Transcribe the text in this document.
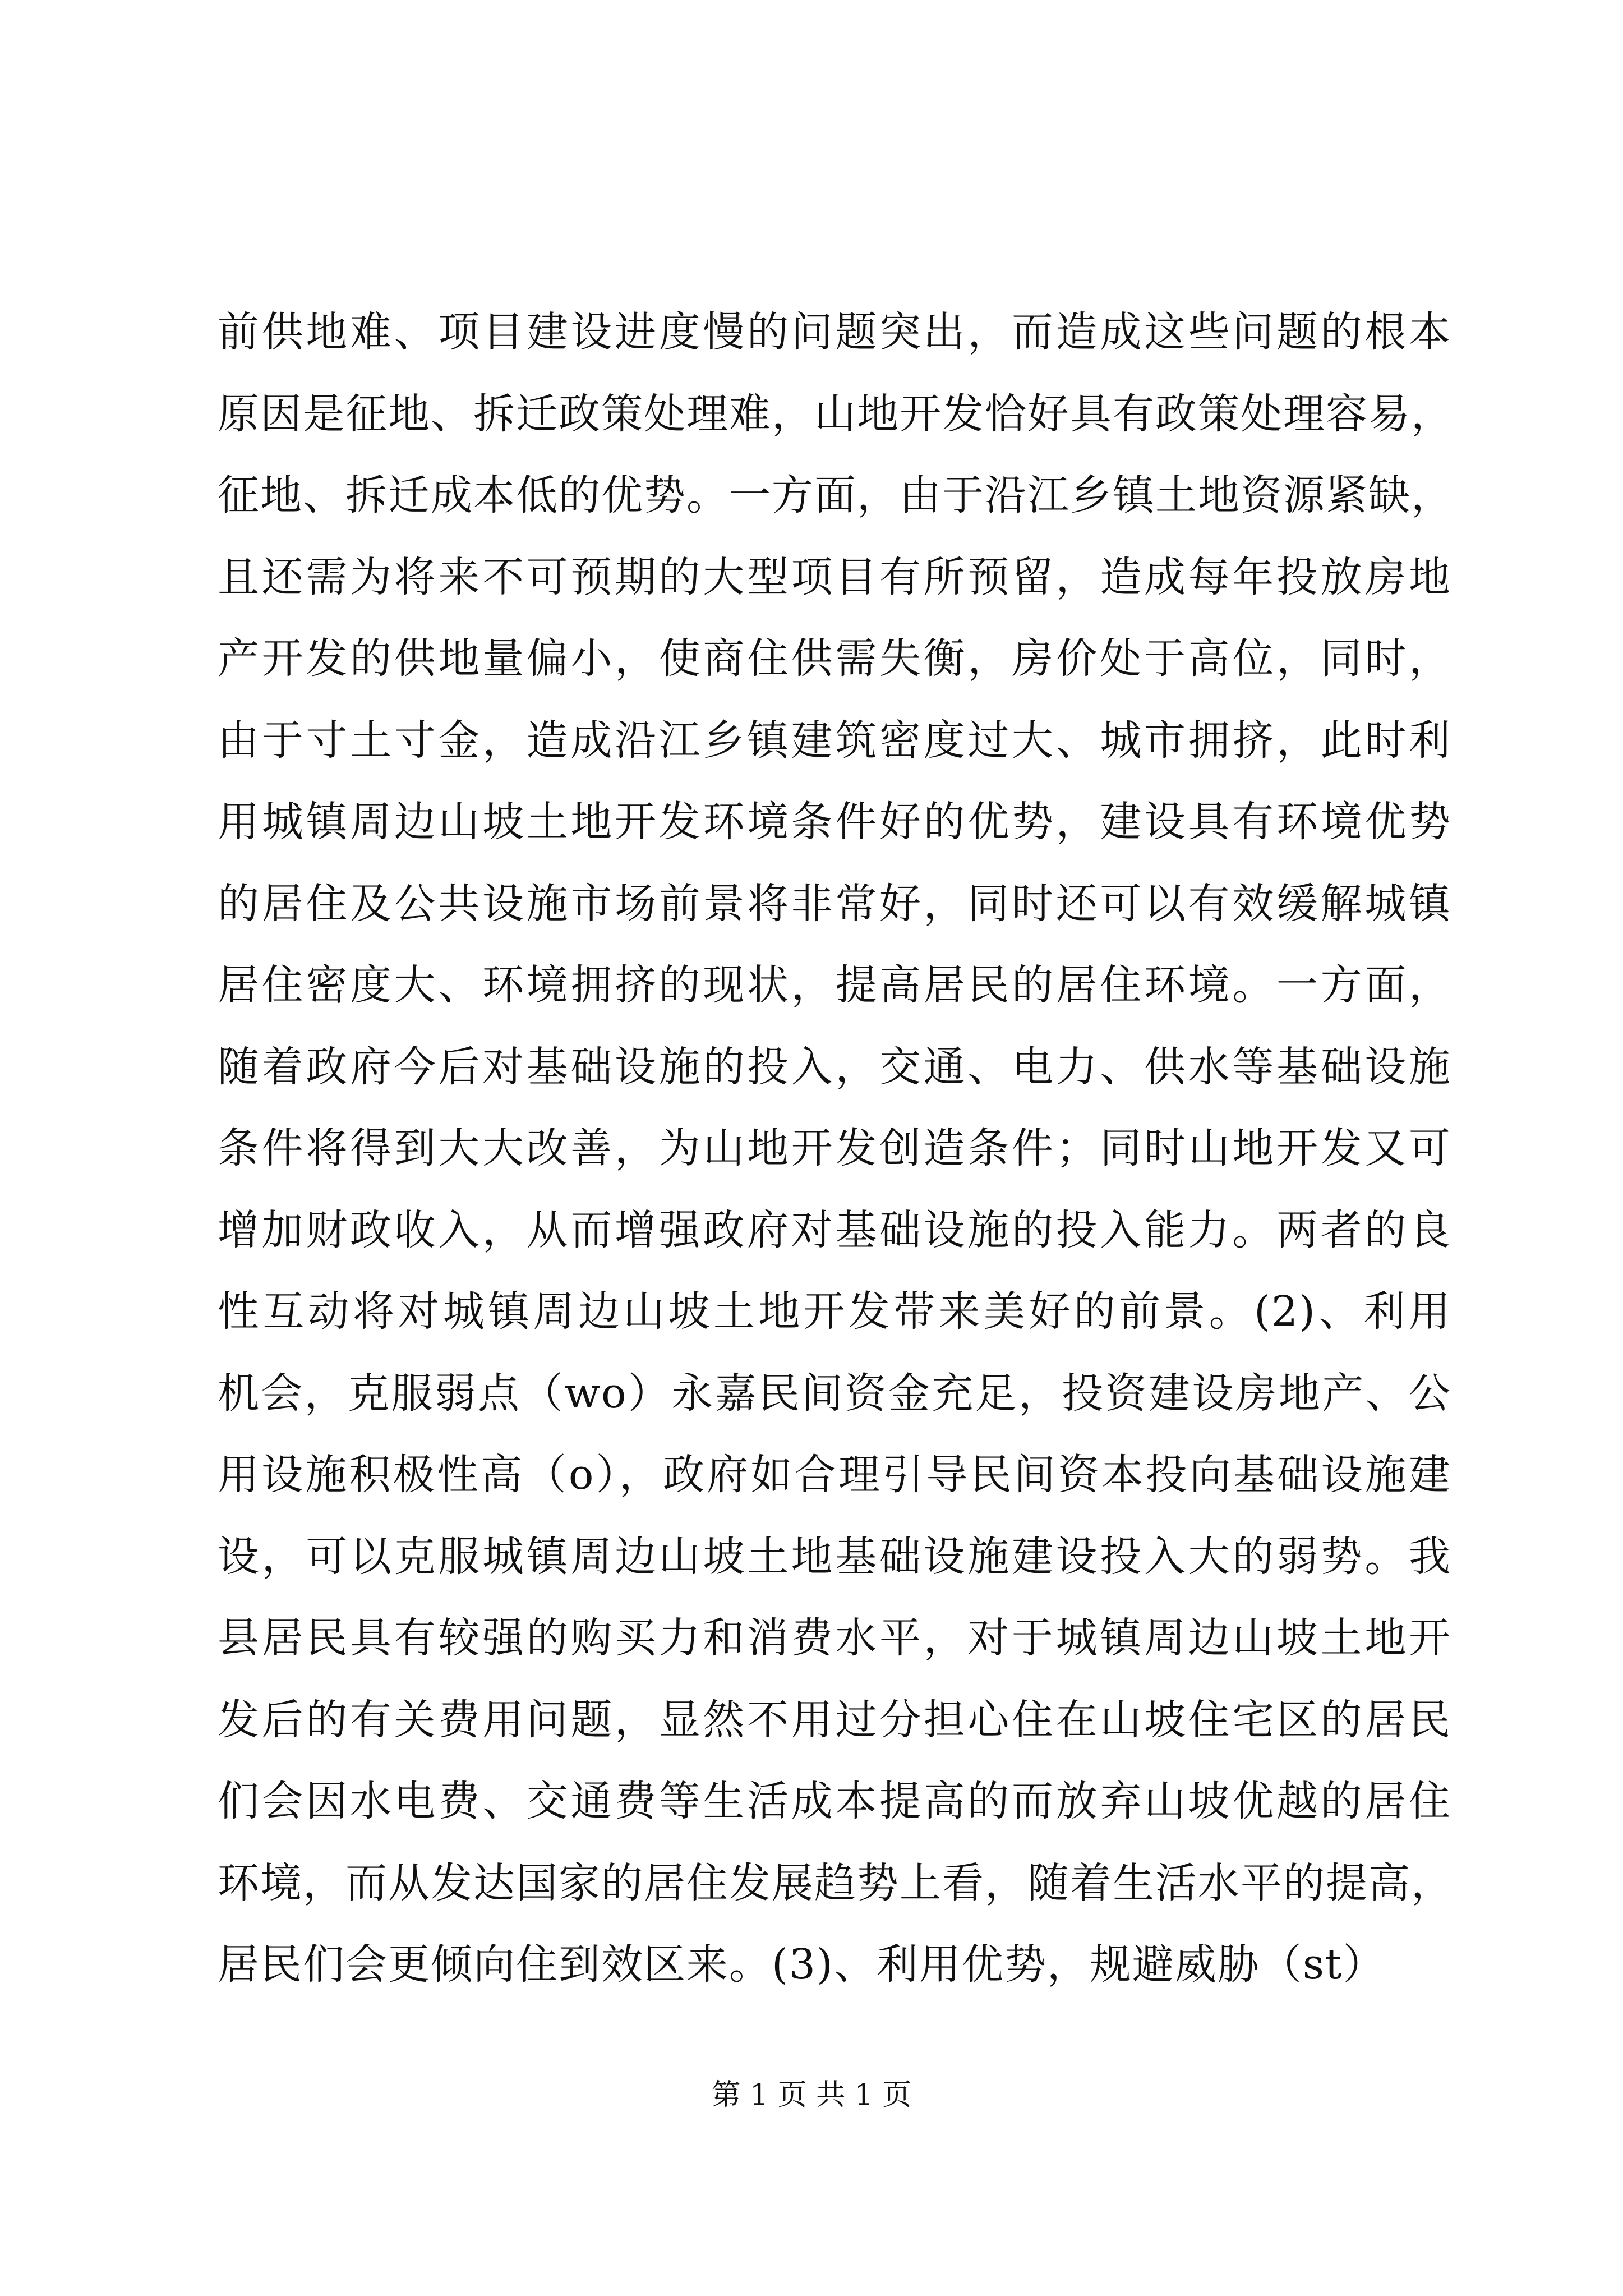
前供地难、项目建设进度慢的问题突出，而造成这些问题的根本
原因是征地、拆迁政策处理难，山地开发恰好具有政策处理容易，
征地、拆迁成本低的优势。一方面，由于沿江乡镇土地资源紧缺，
且还需为将来不可预期的大型项目有所预留，造成每年投放房地
产开发的供地量偏小，使商住供需失衡，房价处于高位，同时，
由于寸土寸金，造成沿江乡镇建筑密度过大、城市拥挤，此时利
用城镇周边山坡土地开发环境条件好的优势，建设具有环境优势
的居住及公共设施市场前景将非常好，同时还可以有效缓解城镇
居住密度大、环境拥挤的现状，提高居民的居住环境。一方面，
随着政府今后对基础设施的投入，交通、电力、供水等基础设施
条件将得到大大改善，为山地开发创造条件；同时山地开发又可
增加财政收入，从而增强政府对基础设施的投入能力。两者的良
性互动将对城镇周边山坡土地开发带来美好的前景。(2)、利用
机会，克服弱点（wo）永嘉民间资金充足，投资建设房地产、公
用设施积极性高（o），政府如合理引导民间资本投向基础设施建
设，可以克服城镇周边山坡土地基础设施建设投入大的弱势。我
县居民具有较强的购买力和消费水平，对于城镇周边山坡土地开
发后的有关费用问题，显然不用过分担心住在山坡住宅区的居民
们会因水电费、交通费等生活成本提高的而放弃山坡优越的居住
环境，而从发达国家的居住发展趋势上看，随着生活水平的提高，
居民们会更倾向住到效区来。(3)、利用优势，规避威胁（st）
第 1 页 共 1 页
